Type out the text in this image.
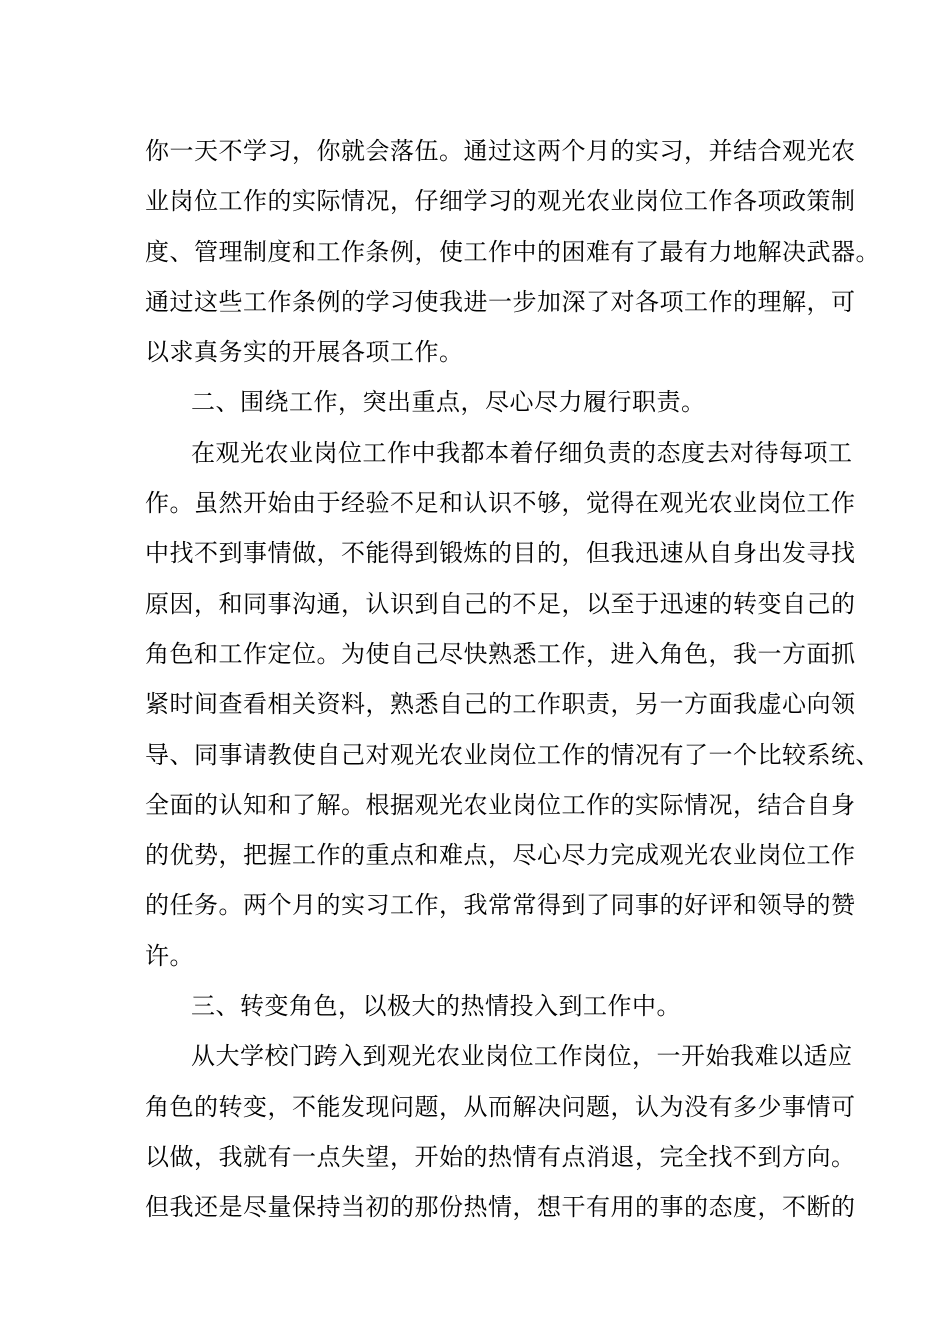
你一天不学习，你就会落伍。通过这两个月的实习，并结合观光农
业岗位工作的实际情况，仔细学习的观光农业岗位工作各项政策制
度、管理制度和工作条例，使工作中的困难有了最有力地解决武器。
通过这些工作条例的学习使我进一步加深了对各项工作的理解，可
以求真务实的开展各项工作。
二、围绕工作，突出重点，尽心尽力履行职责。
在观光农业岗位工作中我都本着仔细负责的态度去对待每项工
作。虽然开始由于经验不足和认识不够，觉得在观光农业岗位工作
中找不到事情做，不能得到锻炼的目的，但我迅速从自身出发寻找
原因，和同事沟通，认识到自己的不足，以至于迅速的转变自己的
角色和工作定位。为使自己尽快熟悉工作，进入角色，我一方面抓
紧时间查看相关资料，熟悉自己的工作职责，另一方面我虚心向领
导、同事请教使自己对观光农业岗位工作的情况有了一个比较系统、
全面的认知和了解。根据观光农业岗位工作的实际情况，结合自身
的优势，把握工作的重点和难点，尽心尽力完成观光农业岗位工作
的任务。两个月的实习工作，我常常得到了同事的好评和领导的赞
许。
三、转变角色，以极大的热情投入到工作中。
从大学校门跨入到观光农业岗位工作岗位，一开始我难以适应
角色的转变，不能发现问题，从而解决问题，认为没有多少事情可
以做，我就有一点失望，开始的热情有点消退，完全找不到方向。
但我还是尽量保持当初的那份热情，想干有用的事的态度，不断的
